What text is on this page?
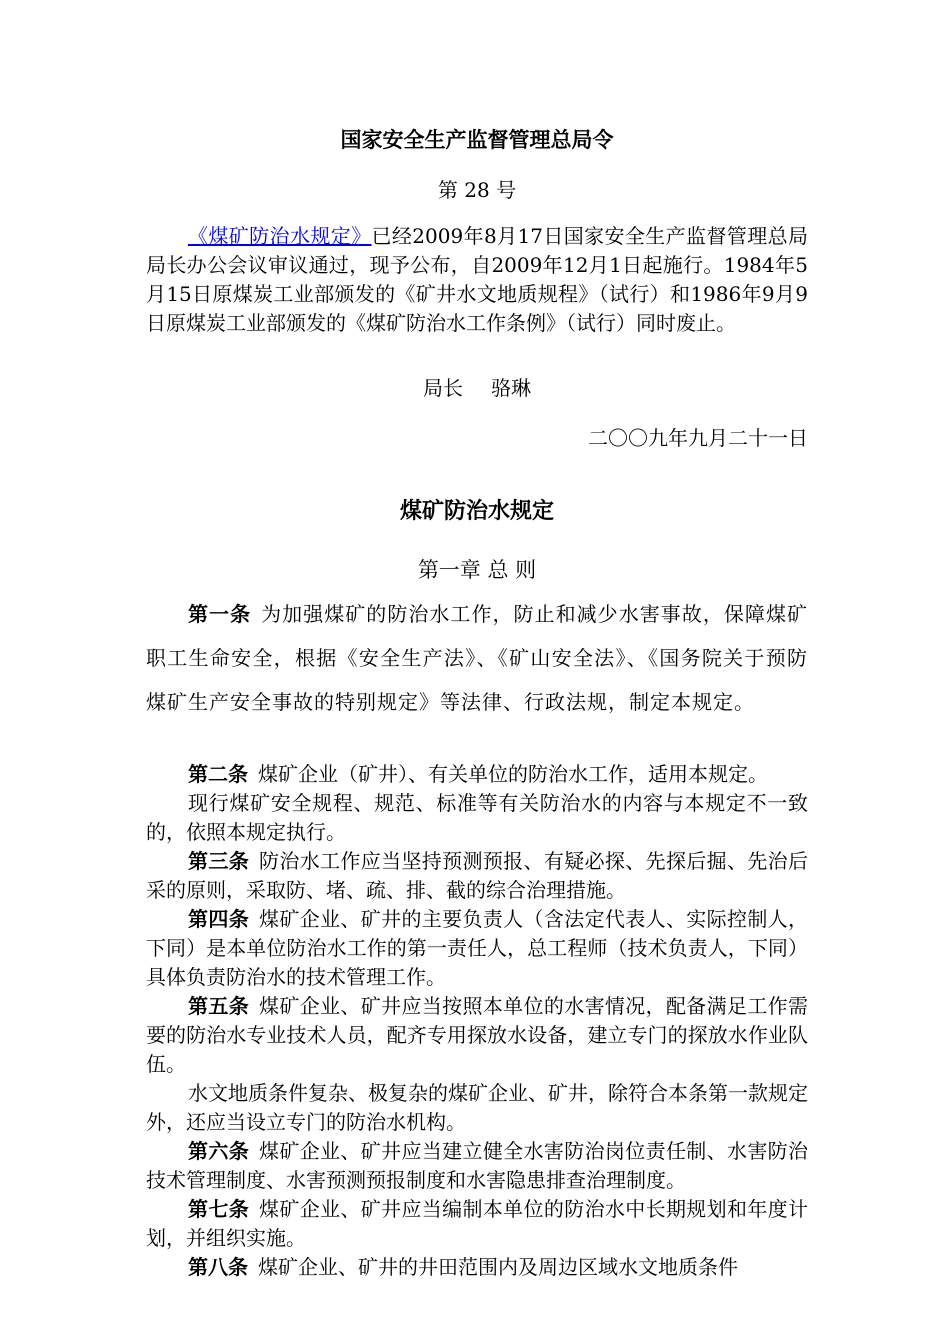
国家安全生产监督管理总局令
第 28 号
《煤矿防治水规定》已经2009年8月17日国家安全生产监督管理总局局长办公会议审议通过，现予公布，自2009年12月1日起施行。1984年5月15日原煤炭工业部颁发的《矿井水文地质规程》（试行）和1986年9月9日原煤炭工业部颁发的《煤矿防治水工作条例》（试行）同时废止。
局长 骆琳
二〇〇九年九月二十一日
煤矿防治水规定
第一章 总 则
第一条 为加强煤矿的防治水工作，防止和减少水害事故，保障煤矿职工生命安全，根据《安全生产法》、《矿山安全法》、《国务院关于预防煤矿生产安全事故的特别规定》等法律、行政法规，制定本规定。

第二条 煤矿企业（矿井）、有关单位的防治水工作，适用本规定。

现行煤矿安全规程、规范、标准等有关防治水的内容与本规定不一致的，依照本规定执行。

第三条 防治水工作应当坚持预测预报、有疑必探、先探后掘、先治后采的原则，采取防、堵、疏、排、截的综合治理措施。

第四条 煤矿企业、矿井的主要负责人（含法定代表人、实际控制人，下同）是本单位防治水工作的第一责任人，总工程师（技术负责人，下同）具体负责防治水的技术管理工作。

第五条 煤矿企业、矿井应当按照本单位的水害情况，配备满足工作需要的防治水专业技术人员，配齐专用探放水设备，建立专门的探放水作业队伍。

水文地质条件复杂、极复杂的煤矿企业、矿井，除符合本条第一款规定外，还应当设立专门的防治水机构。

第六条 煤矿企业、矿井应当建立健全水害防治岗位责任制、水害防治技术管理制度、水害预测预报制度和水害隐患排查治理制度。

第七条 煤矿企业、矿井应当编制本单位的防治水中长期规划和年度计划，并组织实施。

第八条 煤矿企业、矿井的井田范围内及周边区域水文地质条件
